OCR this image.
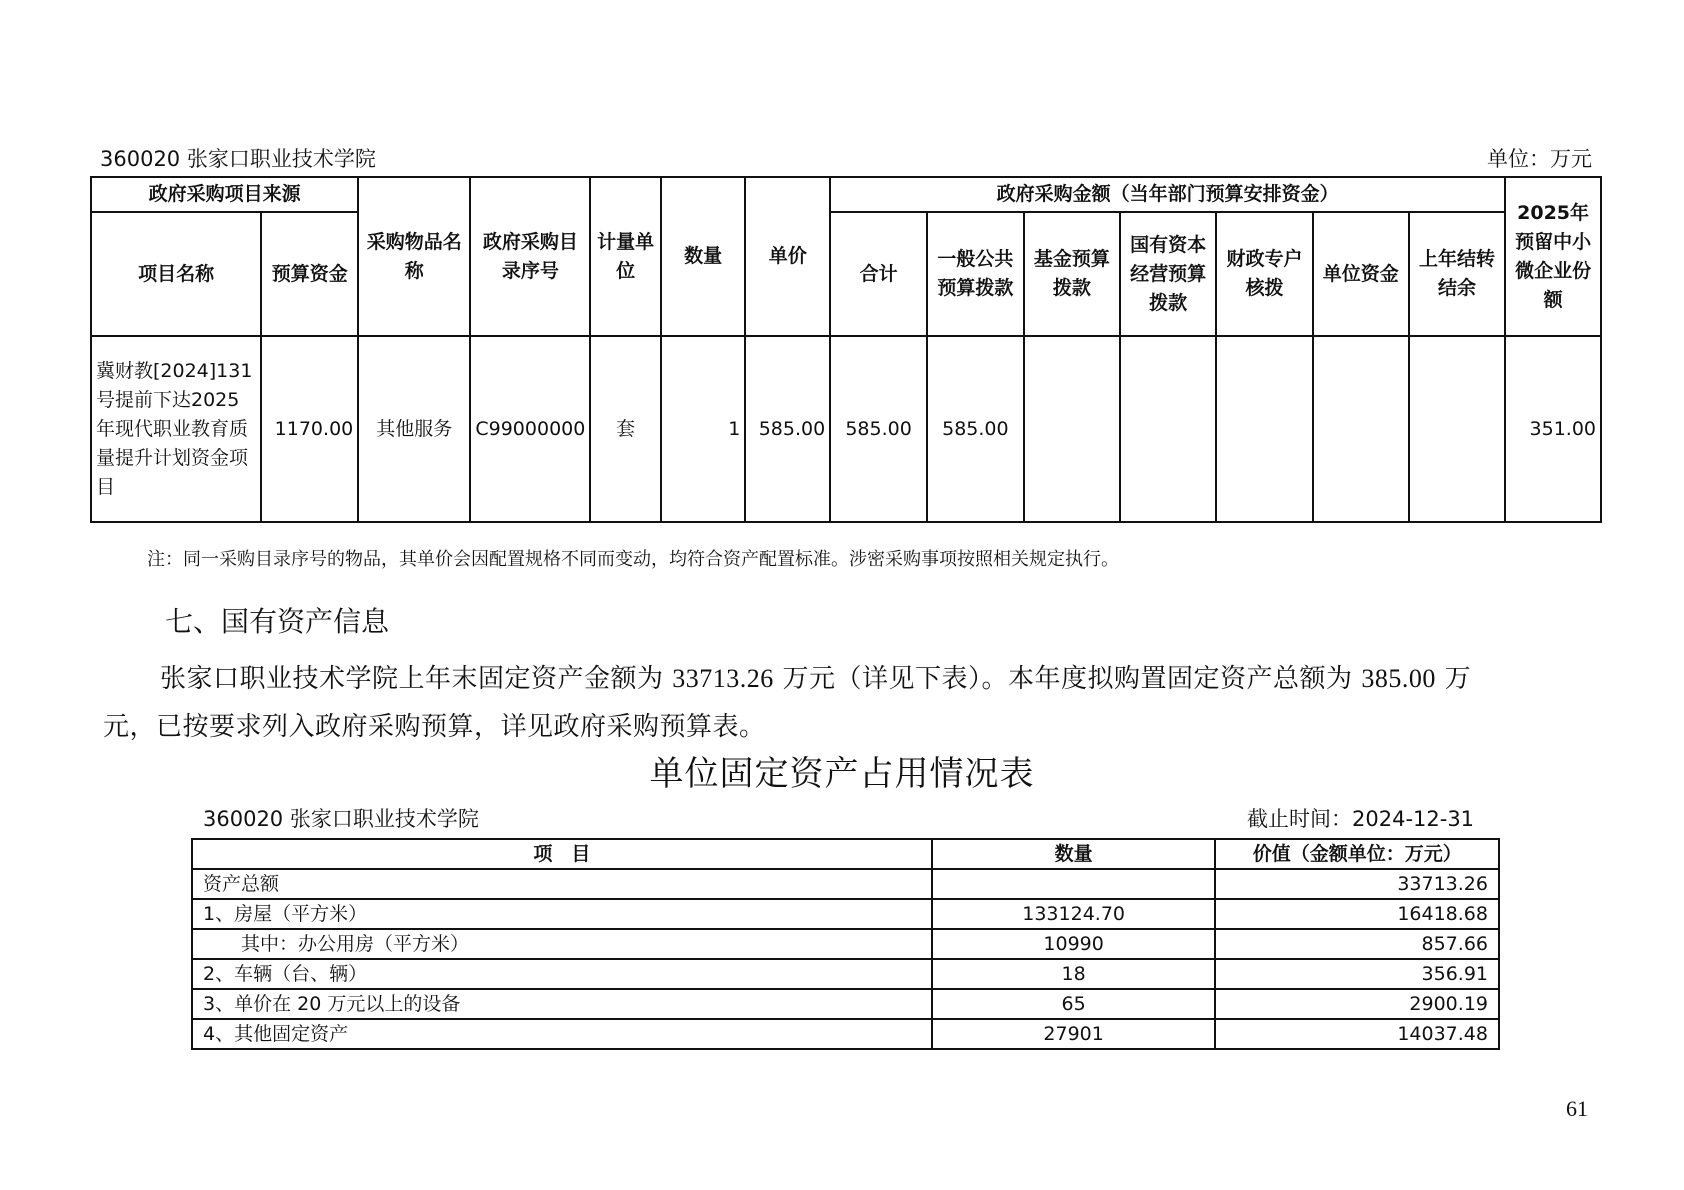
360020 张家口职业技术学院	单位：万元
政府采购项目来源		采购物品名称	政府采购目录序号	计量单位	数量	单价	政府采购金额（当年部门预算安排资金）							2025年预留中小微企业份额
项目名称	预算资金						合计	一般公共预算拨款	基金预算拨款	国有资本经营预算拨款	财政专户核拨	单位资金	上年结转结余	
冀财教[2024]131号提前下达2025年现代职业教育质量提升计划资金项目	1170.00	其他服务	C99000000	套	1	585.00	585.00	585.00						351.00
注：同一采购目录序号的物品，其单价会因配置规格不同而变动，均符合资产配置标准。涉密采购事项按照相关规定执行。
七、国有资产信息
张家口职业技术学院上年末固定资产金额为 33713.26 万元（详见下表）。本年度拟购置固定资产总额为 385.00 万
元，已按要求列入政府采购预算，详见政府采购预算表。
单位固定资产占用情况表
360020 张家口职业技术学院	截止时间：2024-12-31
项　目	数量	价值（金额单位：万元）
资产总额		33713.26
1、房屋（平方米）	133124.70	16418.68
　　其中：办公用房（平方米）	10990	857.66
2、车辆（台、辆）	18	356.91
3、单价在 20 万元以上的设备	65	2900.19
4、其他固定资产	27901	14037.48
61
